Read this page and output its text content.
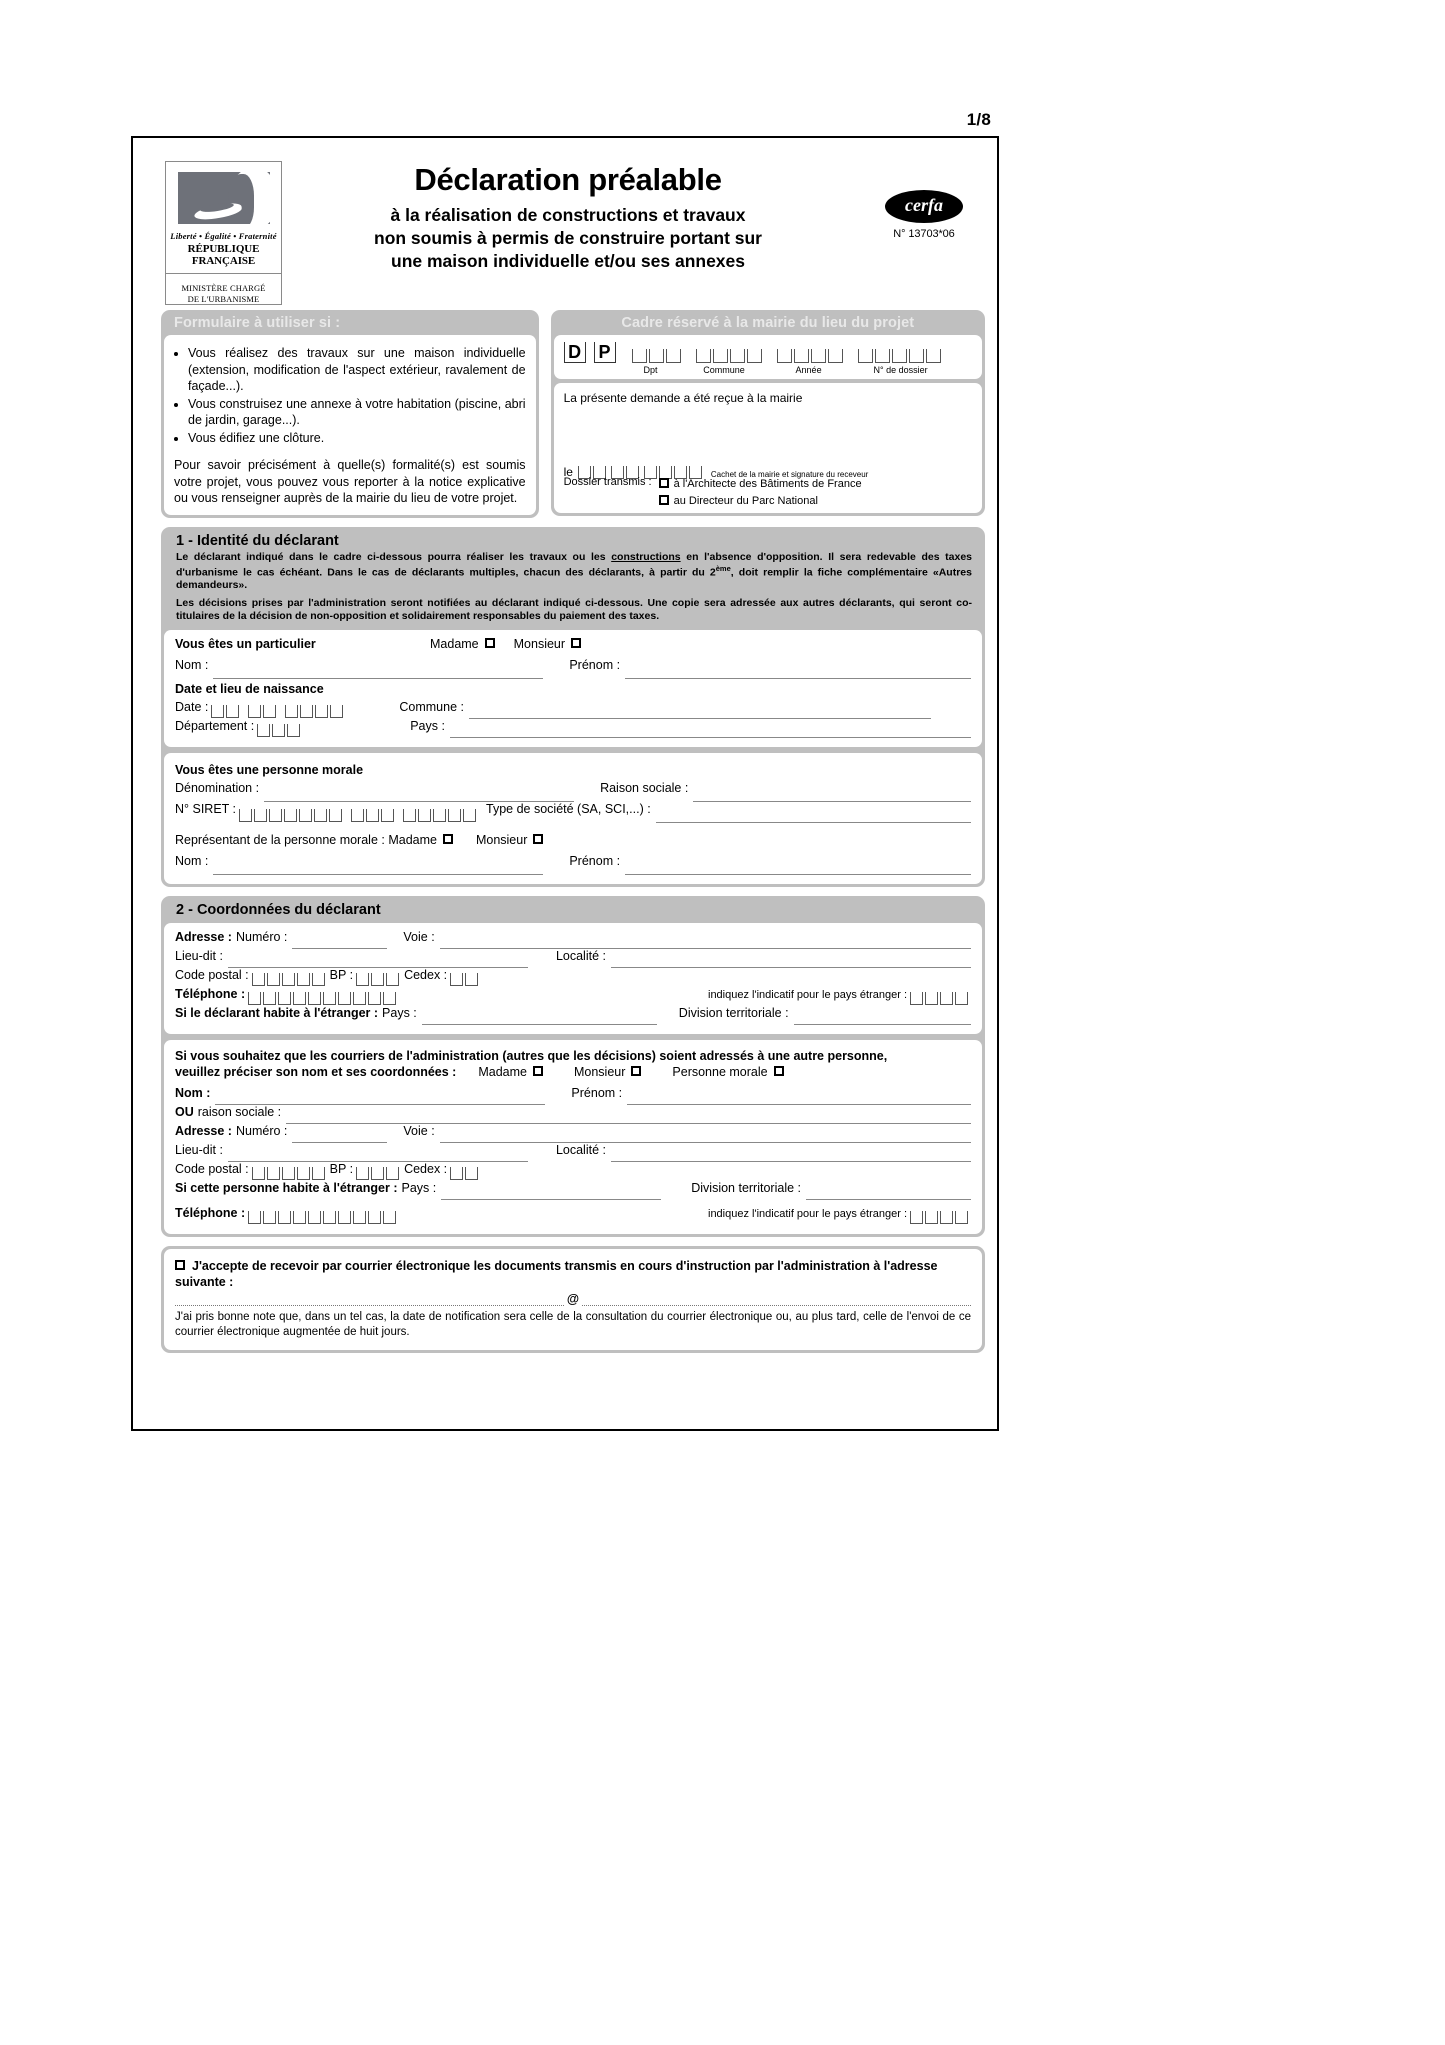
1/8
Liberté • Égalité • Fraternité
RÉPUBLIQUE FRANÇAISE
MINISTÈRE CHARGÉ
DE L'URBANISME
Déclaration préalable
à la réalisation de constructions et travaux
non soumis à permis de construire portant sur
une maison individuelle et/ou ses annexes
cerfa
N° 13703*06
Formulaire à utiliser si :
• Vous réalisez des travaux sur une maison individuelle (extension, modification de l'aspect extérieur, ravalement de façade...).
• Vous construisez une annexe à votre habitation (piscine, abri de jardin, garage...).
• Vous édifiez une clôture.

Pour savoir précisément à quelle(s) formalité(s) est soumis votre projet, vous pouvez vous reporter à la notice explicative ou vous renseigner auprès de la mairie du lieu de votre projet.

Cadre réservé à la mairie du lieu du projet
D P
Dpt	Commune	Année	N° de dossier
La présente demande a été reçue à la mairie
le	Cachet de la mairie et signature du receveur
Dossier transmis :	à l'Architecte des Bâtiments de France
au Directeur du Parc National
1 - Identité du déclarant
Le déclarant indiqué dans le cadre ci-dessous pourra réaliser les travaux ou les constructions en l'absence d'opposition. Il sera redevable des taxes d'urbanisme le cas échéant. Dans le cas de déclarants multiples, chacun des déclarants, à partir du 2ème, doit remplir la fiche complémentaire «Autres demandeurs».
Les décisions prises par l'administration seront notifiées au déclarant indiqué ci-dessous. Une copie sera adressée aux autres déclarants, qui seront co-titulaires de la décision de non-opposition et solidairement responsables du paiement des taxes.
Vous êtes un particulier	Madame	Monsieur
Nom :	Prénom :
Date et lieu de naissance
Date :	Commune :
Département :	Pays :
Vous êtes une personne morale
Dénomination :	Raison sociale :
N° SIRET :	Type de société (SA, SCI,...) :
Représentant de la personne morale : Madame	Monsieur
Nom :	Prénom :
2 - Coordonnées du déclarant
Adresse : Numéro :	Voie :
Lieu-dit :	Localité :
Code postal :	BP :	Cedex :
Téléphone :	indiquez l'indicatif pour le pays étranger :
Si le déclarant habite à l'étranger : Pays :	Division territoriale :
Si vous souhaitez que les courriers de l'administration (autres que les décisions) soient adressés à une autre personne,
veuillez préciser son nom et ses coordonnées : Madame	Monsieur	Personne morale
Nom :	Prénom :
OU raison sociale :
Adresse : Numéro :	Voie :
Lieu-dit :	Localité :
Code postal :	BP :	Cedex :
Si cette personne habite à l'étranger : Pays :	Division territoriale :
Téléphone :	indiquez l'indicatif pour le pays étranger :
J'accepte de recevoir par courrier électronique les documents transmis en cours d'instruction par l'administration à l'adresse suivante :
@
J'ai pris bonne note que, dans un tel cas, la date de notification sera celle de la consultation du courrier électronique ou, au plus tard, celle de l'envoi de ce courrier électronique augmentée de huit jours.
